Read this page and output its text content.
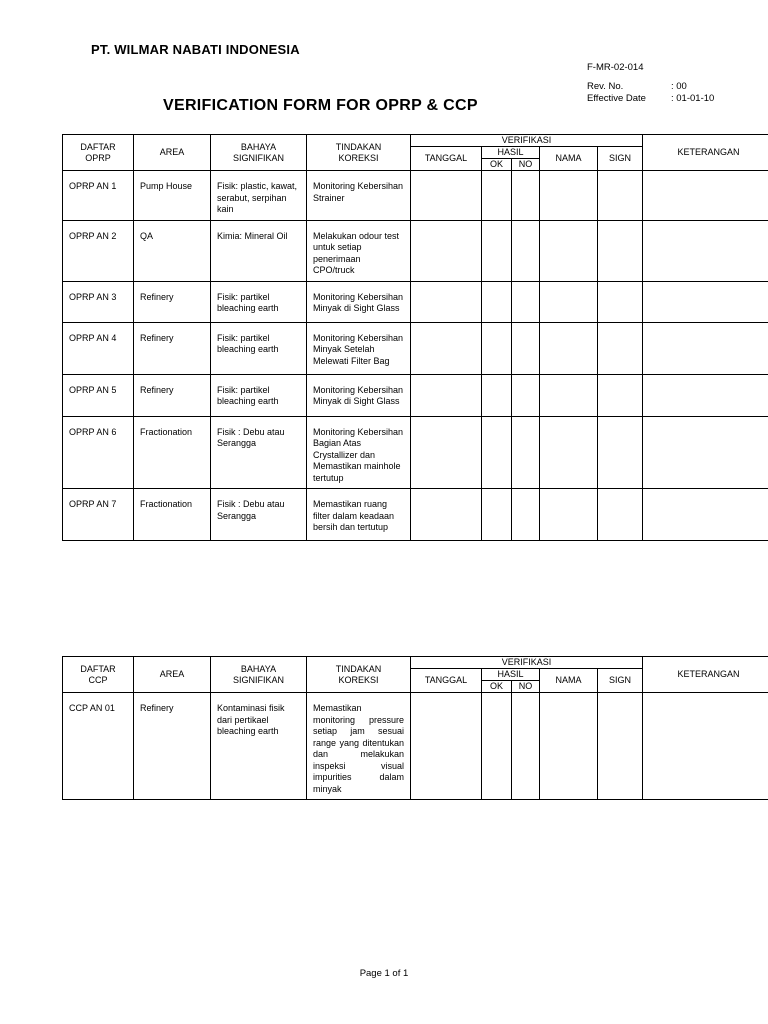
PT. WILMAR NABATI INDONESIA
F-MR-02-014
Rev. No.	: 00
Effective Date	: 01-01-10
VERIFICATION FORM FOR OPRP & CCP
DAFTAR OPRP	AREA	BAHAYA SIGNIFIKAN	TINDAKAN KOREKSI	VERIFIKASI					KETERANGAN
				TANGGAL	HASIL		NAMA	SIGN	
					OK	NO			
OPRP AN 1	Pump House	Fisik: plastic, kawat, serabut, serpihan kain	Monitoring Kebersihan Strainer						
OPRP AN 2	QA	Kimia: Mineral Oil	Melakukan odour test untuk setiap penerimaan CPO/truck						
OPRP AN 3	Refinery	Fisik: partikel bleaching earth	Monitoring Kebersihan Minyak di Sight Glass						
OPRP AN 4	Refinery	Fisik: partikel bleaching earth	Monitoring Kebersihan Minyak Setelah Melewati Filter Bag						
OPRP AN 5	Refinery	Fisik: partikel bleaching earth	Monitoring Kebersihan Minyak di Sight Glass						
OPRP AN 6	Fractionation	Fisik : Debu atau Serangga	Monitoring Kebersihan Bagian Atas Crystallizer dan Memastikan mainhole tertutup						
OPRP AN 7	Fractionation	Fisik : Debu atau Serangga	Memastikan ruang filter dalam keadaan bersih dan tertutup						
DAFTAR CCP	AREA	BAHAYA SIGNIFIKAN	TINDAKAN KOREKSI	VERIFIKASI					KETERANGAN
				TANGGAL	HASIL		NAMA	SIGN	
					OK	NO			
CCP AN 01	Refinery	Kontaminasi fisik dari pertikael bleaching earth	Memastikan monitoring pressure setiap jam sesuai range yang ditentukan dan melakukan inspeksi visual impurities dalam minyak						
Page 1 of 1
